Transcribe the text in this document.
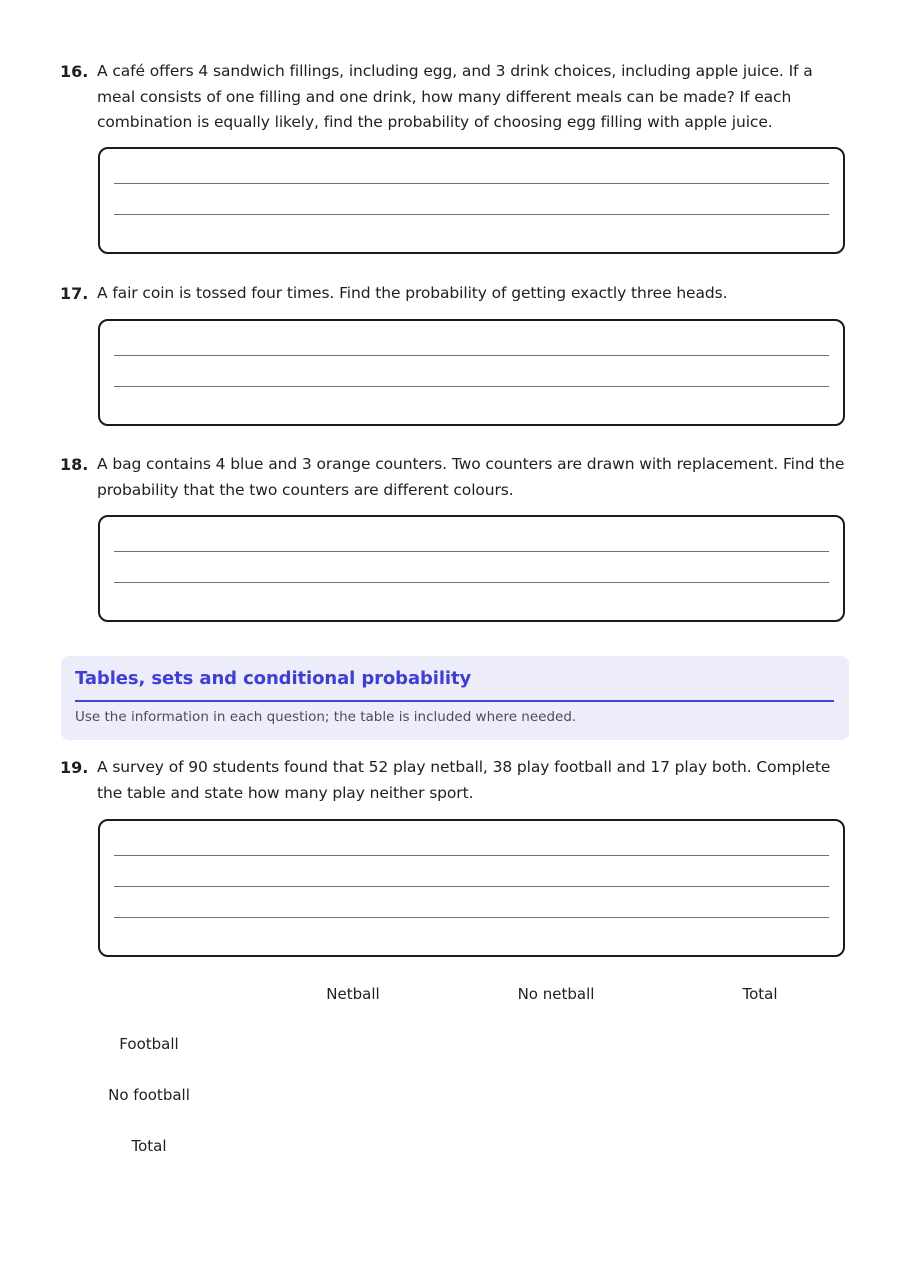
16. A café offers 4 sandwich fillings, including egg, and 3 drink choices, including apple juice. If a meal consists of one filling and one drink, how many different meals can be made? If each combination is equally likely, find the probability of choosing egg filling with apple juice.
17. A fair coin is tossed four times. Find the probability of getting exactly three heads.
18. A bag contains 4 blue and 3 orange counters. Two counters are drawn with replacement. Find the probability that the two counters are different colours.
Tables, sets and conditional probability
Use the information in each question; the table is included where needed.
19. A survey of 90 students found that 52 play netball, 38 play football and 17 play both. Complete the table and state how many play neither sport.
Netball	No netball	Total
Football
No football
Total
